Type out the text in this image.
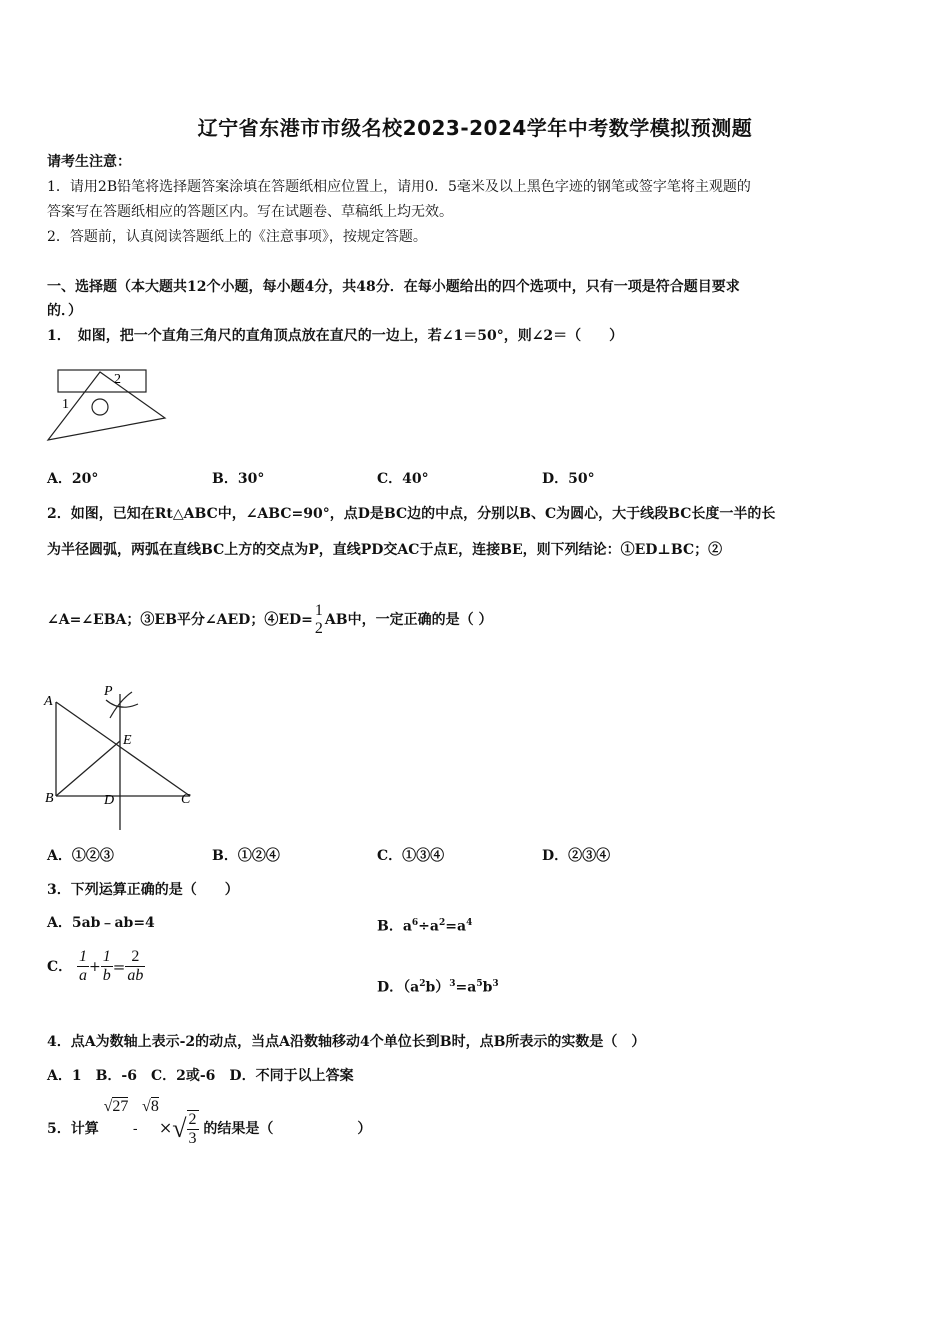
辽宁省东港市市级名校2023-2024学年中考数学模拟预测题
请考生注意：
1．请用2B铅笔将选择题答案涂填在答题纸相应位置上，请用0．5毫米及以上黑色字迹的钢笔或签字笔将主观题的
答案写在答题纸相应的答题区内。写在试题卷、草稿纸上均无效。
2．答题前，认真阅读答题纸上的《注意事项》，按规定答题。
一、选择题（本大题共12个小题，每小题4分，共48分．在每小题给出的四个选项中，只有一项是符合题目要求
的．）
1．　如图，把一个直角三角尺的直角顶点放在直尺的一边上，若∠1＝50°，则∠2＝（　　）
1
2
A．20°	B．30°	C．40°	D．50°
2．如图，已知在Rt△ABC中，∠ABC=90°，点D是BC边的中点，分别以B、C为圆心，大于线段BC长度一半的长
为半径圆弧，两弧在直线BC上方的交点为P，直线PD交AC于点E，连接BE，则下列结论：①ED⊥BC；②
∠A=∠EBA；③EB平分∠AED；④ED=
1
2 AB中，一定正确的是（ ）
A
P
E
B	D	C
A．①②③	B．①②④	C．①③④	D．②③④
3．下列运算正确的是（　　）
A．5ab﹣ab=4	B．$a^6\div a^2=a^4$
C． $\frac{1}{a} + \frac{1}{b} = \frac{2}{ab}$
D．$(a^2b)^3=a^5b^3$
4．点A为数轴上表示-2的动点，当点A沿数轴移动4个单位长到B时，点B所表示的实数是（　）
A．1　B．-6　C．2或-6　D．不同于以上答案
5．计算 $√27 - √8\times√ \frac{2}{3}$ 的结果是（　　　　　　）
